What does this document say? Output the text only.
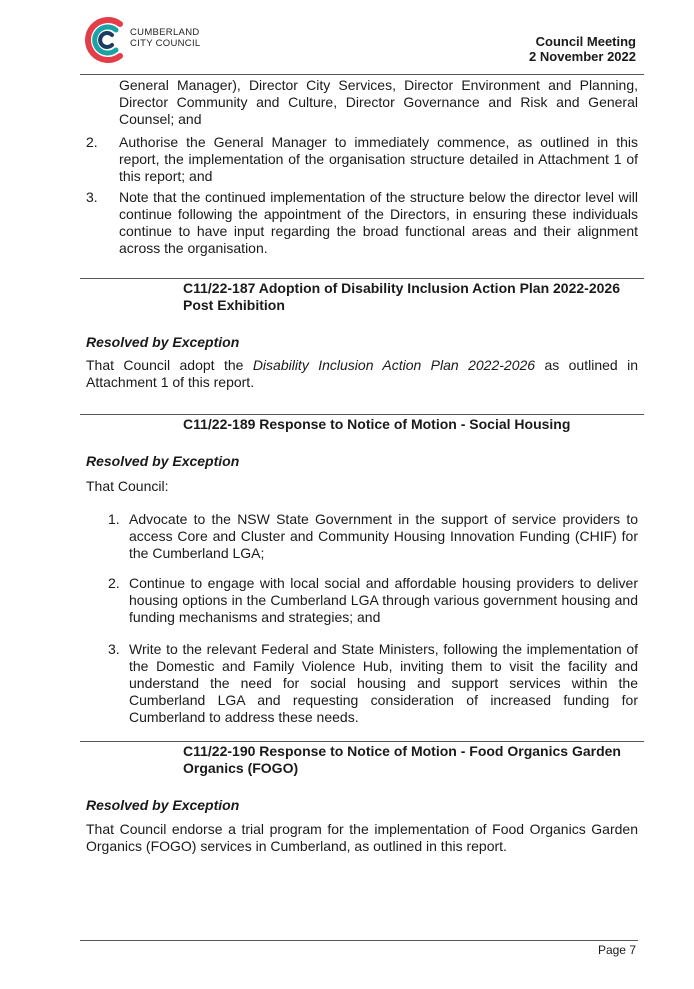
CUMBERLAND
CITY COUNCIL	Council Meeting
2 November 2022
General Manager), Director City Services, Director Environment and Planning, Director Community and Culture, Director Governance and Risk and General Counsel; and
2. Authorise the General Manager to immediately commence, as outlined in this report, the implementation of the organisation structure detailed in Attachment 1 of this report; and
3. Note that the continued implementation of the structure below the director level will continue following the appointment of the Directors, in ensuring these individuals continue to have input regarding the broad functional areas and their alignment across the organisation.
C11/22-187 Adoption of Disability Inclusion Action Plan 2022-2026 Post Exhibition
Resolved by Exception
That Council adopt the Disability Inclusion Action Plan 2022-2026 as outlined in Attachment 1 of this report.
C11/22-189 Response to Notice of Motion - Social Housing
Resolved by Exception
That Council:
1. Advocate to the NSW State Government in the support of service providers to access Core and Cluster and Community Housing Innovation Funding (CHIF) for the Cumberland LGA;
2. Continue to engage with local social and affordable housing providers to deliver housing options in the Cumberland LGA through various government housing and funding mechanisms and strategies; and
3. Write to the relevant Federal and State Ministers, following the implementation of the Domestic and Family Violence Hub, inviting them to visit the facility and understand the need for social housing and support services within the Cumberland LGA and requesting consideration of increased funding for Cumberland to address these needs.
C11/22-190 Response to Notice of Motion - Food Organics Garden Organics (FOGO)
Resolved by Exception
That Council endorse a trial program for the implementation of Food Organics Garden Organics (FOGO) services in Cumberland, as outlined in this report.
Page 7
